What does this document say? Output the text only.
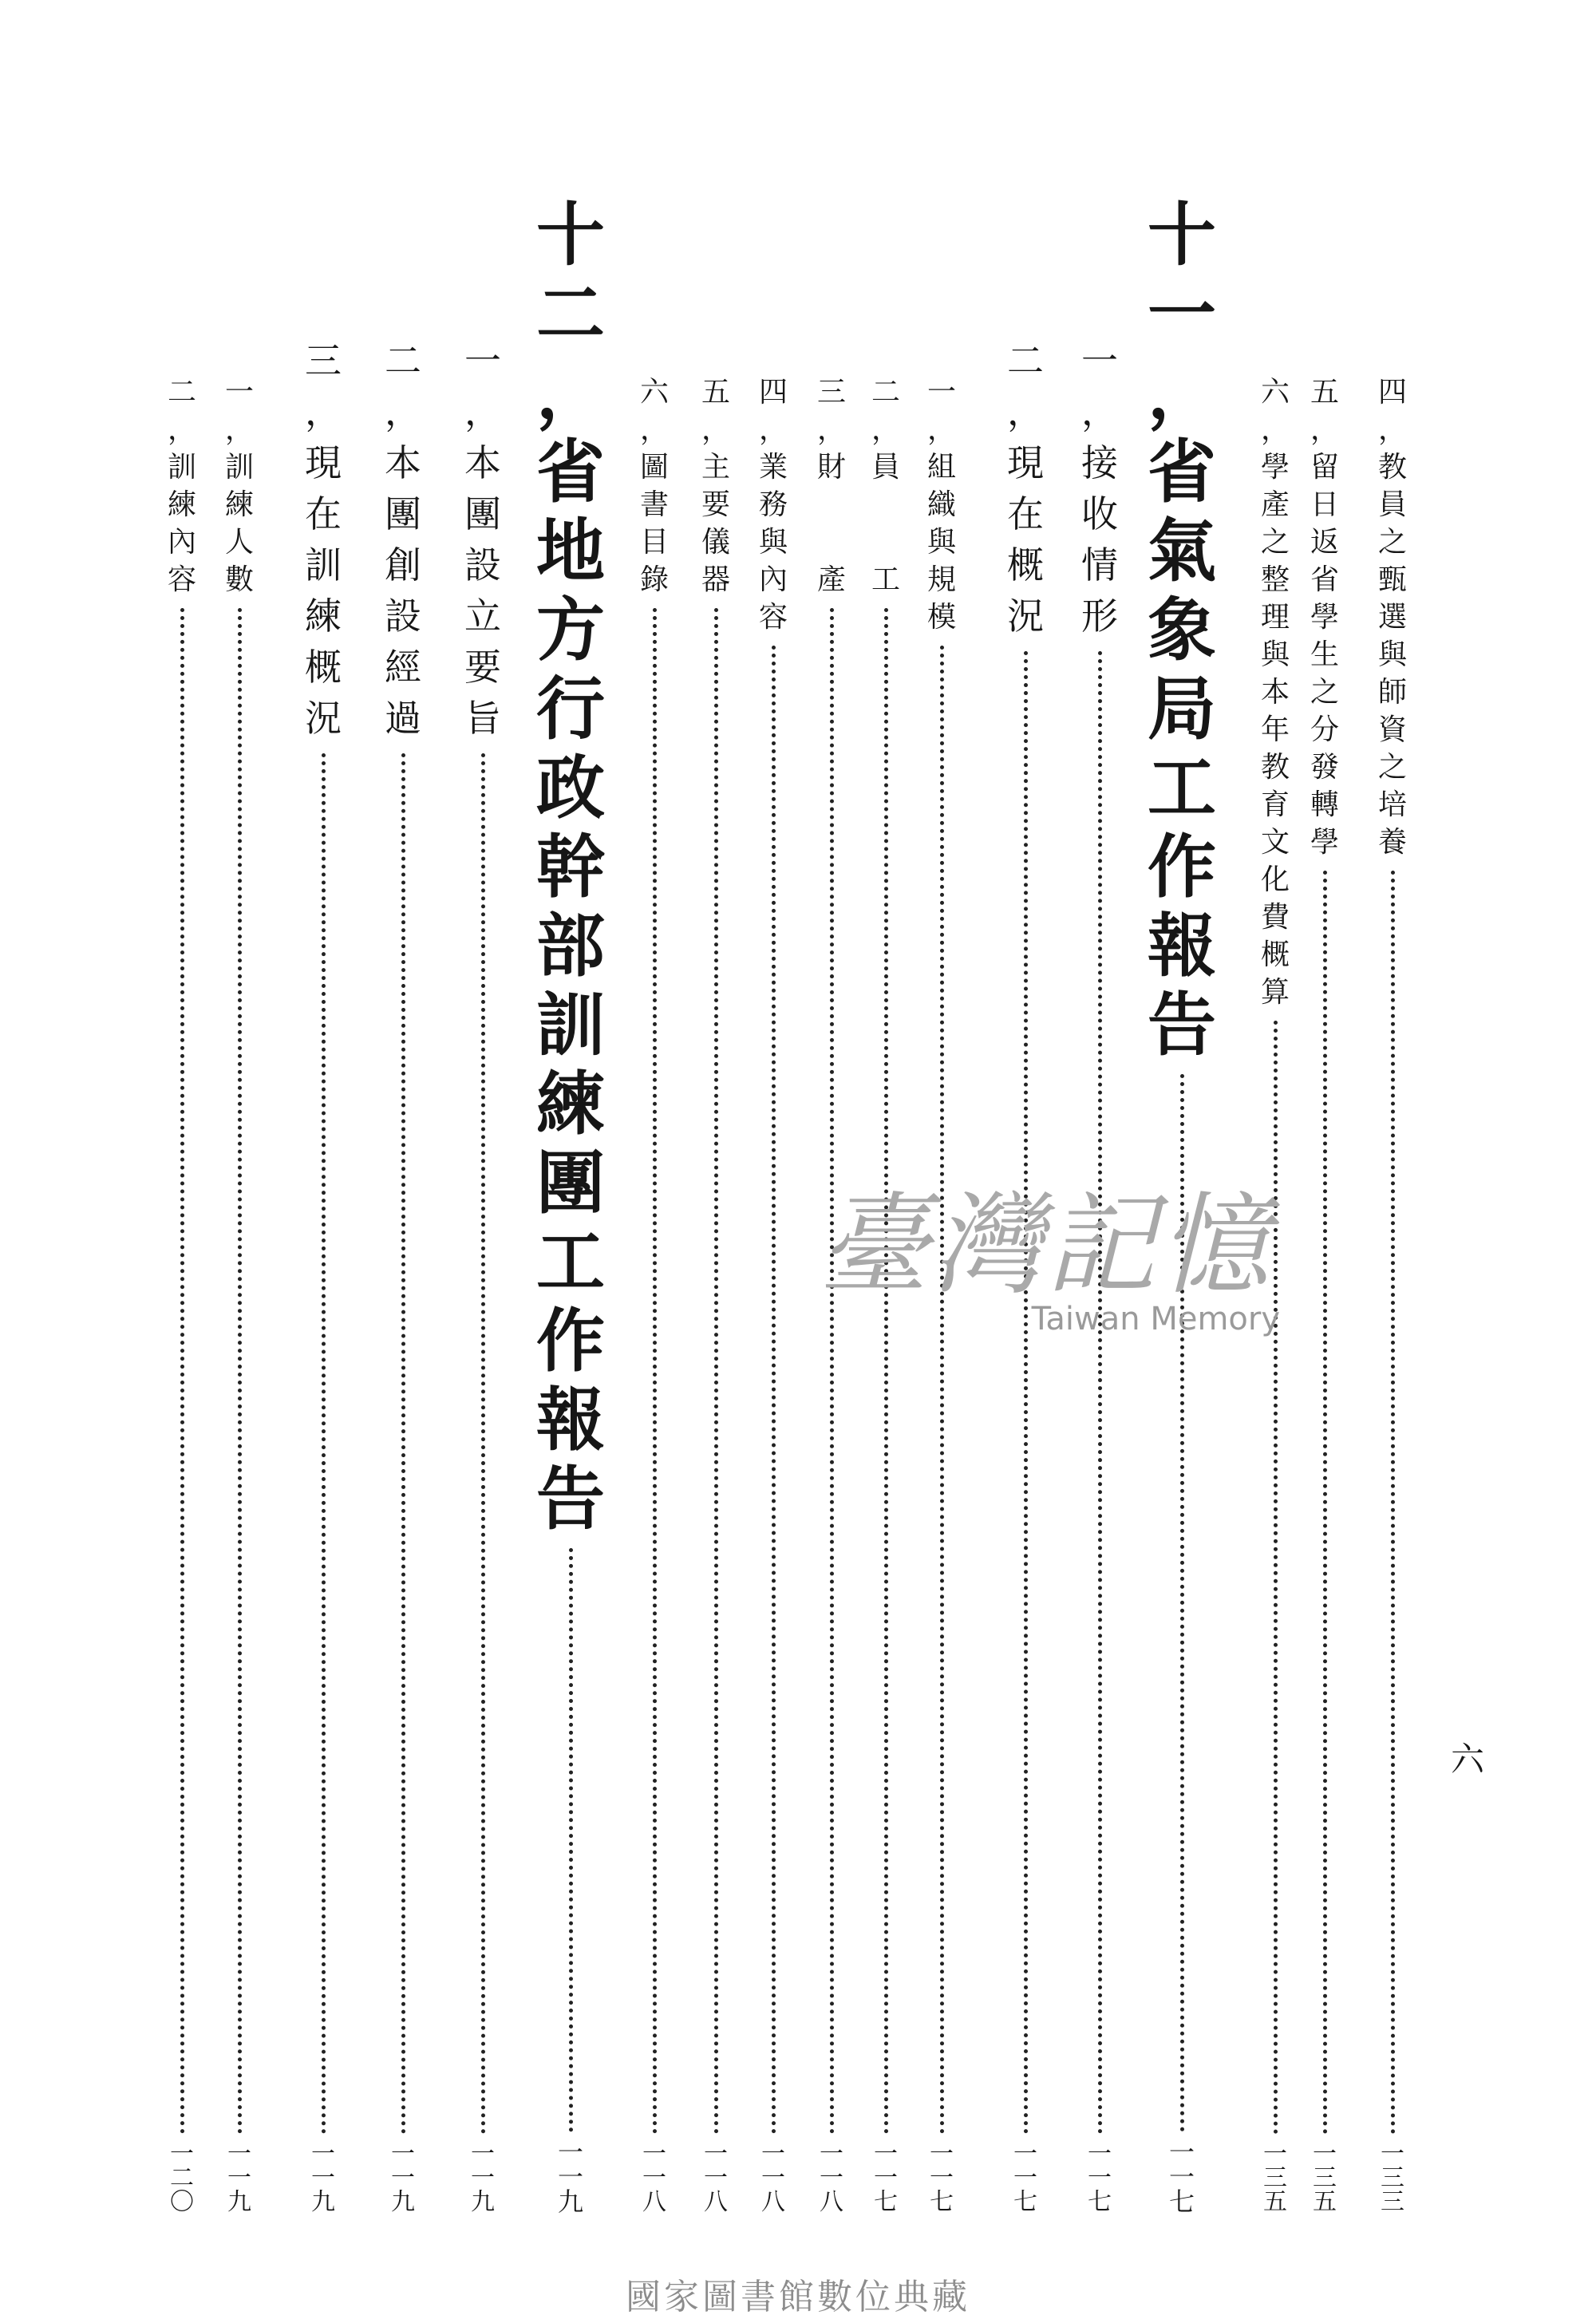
四
，
教
員
之
甄
選
與
師
資
之
培
養
一
三
三
五
，
留
日
返
省
學
生
之
分
發
轉
學
一
三
五
六
，
學
產
之
整
理
與
本
年
教
育
文
化
費
概
算
一
三
五
十
一
，
省
氣
象
局
工
作
報
告
一
一
七
一
，
接
收
情
形
一
一
七
二
，
現
在
概
況
一
一
七
一
，
組
織
與
規
模
一
一
七
二
，
員

工
一
一
七
三
，
財

產
一
一
八
四
，
業
務
與
內
容
一
一
八
五
，
主
要
儀
器
一
一
八
六
，
圖
書
目
錄
一
一
八
十
二
，
省
地
方
行
政
幹
部
訓
練
團
工
作
報
告
一
一
九
一
，
本
團
設
立
要
旨
一
一
九
二
，
本
團
創
設
經
過
一
一
九
三
，
現
在
訓
練
概
況
一
一
九
一
，
訓
練
人
數
一
一
九
二
，
訓
練
內
容
一
二
〇
六
臺灣記憶
Taiwan Memory
國家圖書館數位典藏
